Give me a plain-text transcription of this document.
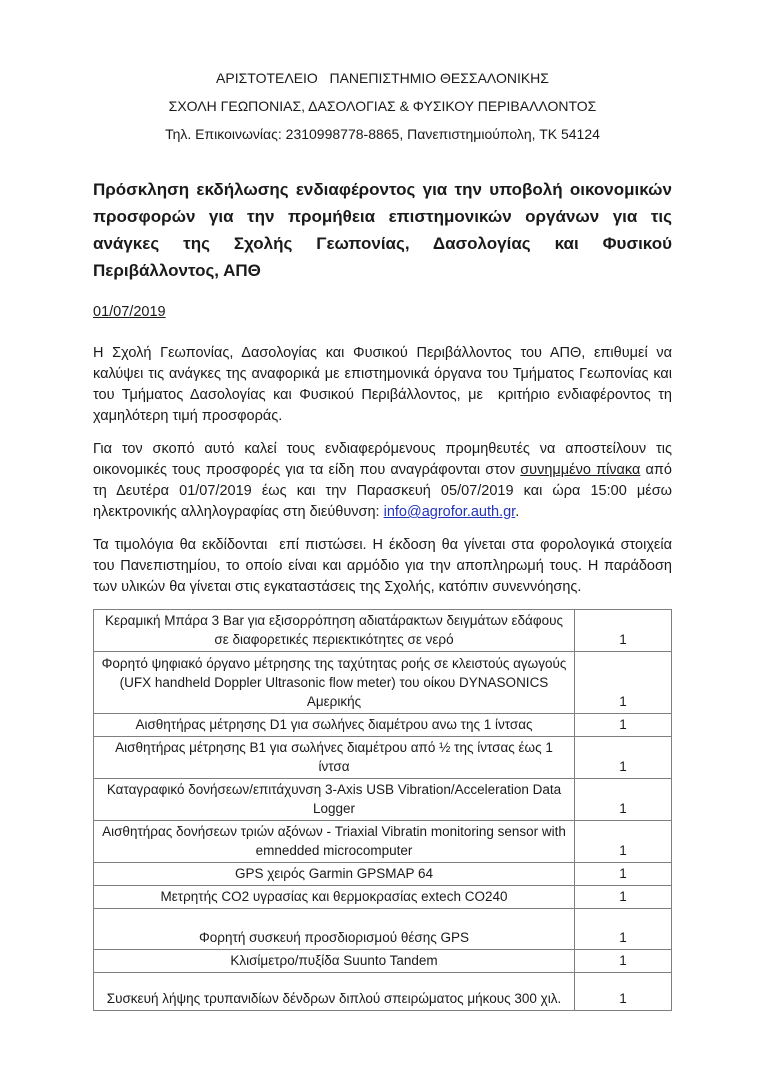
ΑΡΙΣΤΟΤΕΛΕΙΟ   ΠΑΝΕΠΙΣΤΗΜΙΟ ΘΕΣΣΑΛΟΝΙΚΗΣ
ΣΧΟΛΗ ΓΕΩΠΟΝΙΑΣ, ΔΑΣΟΛΟΓΙΑΣ & ΦΥΣΙΚΟΥ ΠΕΡΙΒΑΛΛΟΝΤΟΣ
Τηλ. Επικοινωνίας: 2310998778-8865, Πανεπιστημιούπολη, ΤΚ 54124
Πρόσκληση εκδήλωσης ενδιαφέροντος για την υποβολή οικονομικών προσφορών για την προμήθεια επιστημονικών οργάνων για τις ανάγκες της Σχολής Γεωπονίας, Δασολογίας και Φυσικού Περιβάλλοντος, ΑΠΘ
01/07/2019

Η Σχολή Γεωπονίας, Δασολογίας και Φυσικού Περιβάλλοντος του ΑΠΘ, επιθυμεί να καλύψει τις ανάγκες της αναφορικά με επιστημονικά όργανα του Τμήματος Γεωπονίας και του Τμήματος Δασολογίας και Φυσικού Περιβάλλοντος, με  κριτήριο ενδιαφέροντος τη χαμηλότερη τιμή προσφοράς.

Για τον σκοπό αυτό καλεί τους ενδιαφερόμενους προμηθευτές να αποστείλουν τις οικονομικές τους προσφορές για τα είδη που αναγράφονται στον συνημμένο πίνακα από τη Δευτέρα 01/07/2019 έως και την Παρασκευή 05/07/2019 και ώρα 15:00 μέσω ηλεκτρονικής αλληλογραφίας στη διεύθυνση: info@agrofor.auth.gr.

Τα τιμολόγια θα εκδίδονται  επί πιστώσει. Η έκδοση θα γίνεται στα φορολογικά στοιχεία του Πανεπιστημίου, το οποίο είναι και αρμόδιο για την αποπληρωμή τους. Η παράδοση των υλικών θα γίνεται στις εγκαταστάσεις της Σχολής, κατόπιν συνεννόησης.

Κεραμική Μπάρα 3 Bar για εξισορρόπηση αδιατάρακτων δειγμάτων εδάφους σε διαφορετικές περιεκτικότητες σε νερό	1
Φορητό ψηφιακό όργανο μέτρησης της ταχύτητας ροής σε κλειστούς αγωγούς (UFX handheld Doppler Ultrasonic flow meter) του οίκου DYNASONICS Αμερικής	1
Αισθητήρας μέτρησης D1 για σωλήνες διαμέτρου ανω της 1 ίντσας	1
Αισθητήρας μέτρησης B1 για σωλήνες διαμέτρου από ½ της ίντσας έως 1 ίντσα	1
Καταγραφικό δονήσεων/επιτάχυνση 3-Axis USB Vibration/Acceleration Data Logger	1
Αισθητήρας δονήσεων τριών αξόνων - Triaxial Vibratin monitoring sensor with emnedded microcomputer	1
GPS χειρός Garmin GPSMAP 64	1
Μετρητής CO2 υγρασίας και θερμοκρασίας extech CO240	1
Φορητή συσκευή προσδιορισμού θέσης GPS	1
Κλισίμετρο/πυξίδα Suunto Tandem	1
Συσκευή λήψης τρυπανιδίων δένδρων διπλού σπειρώματος μήκους 300 χιλ.	1
